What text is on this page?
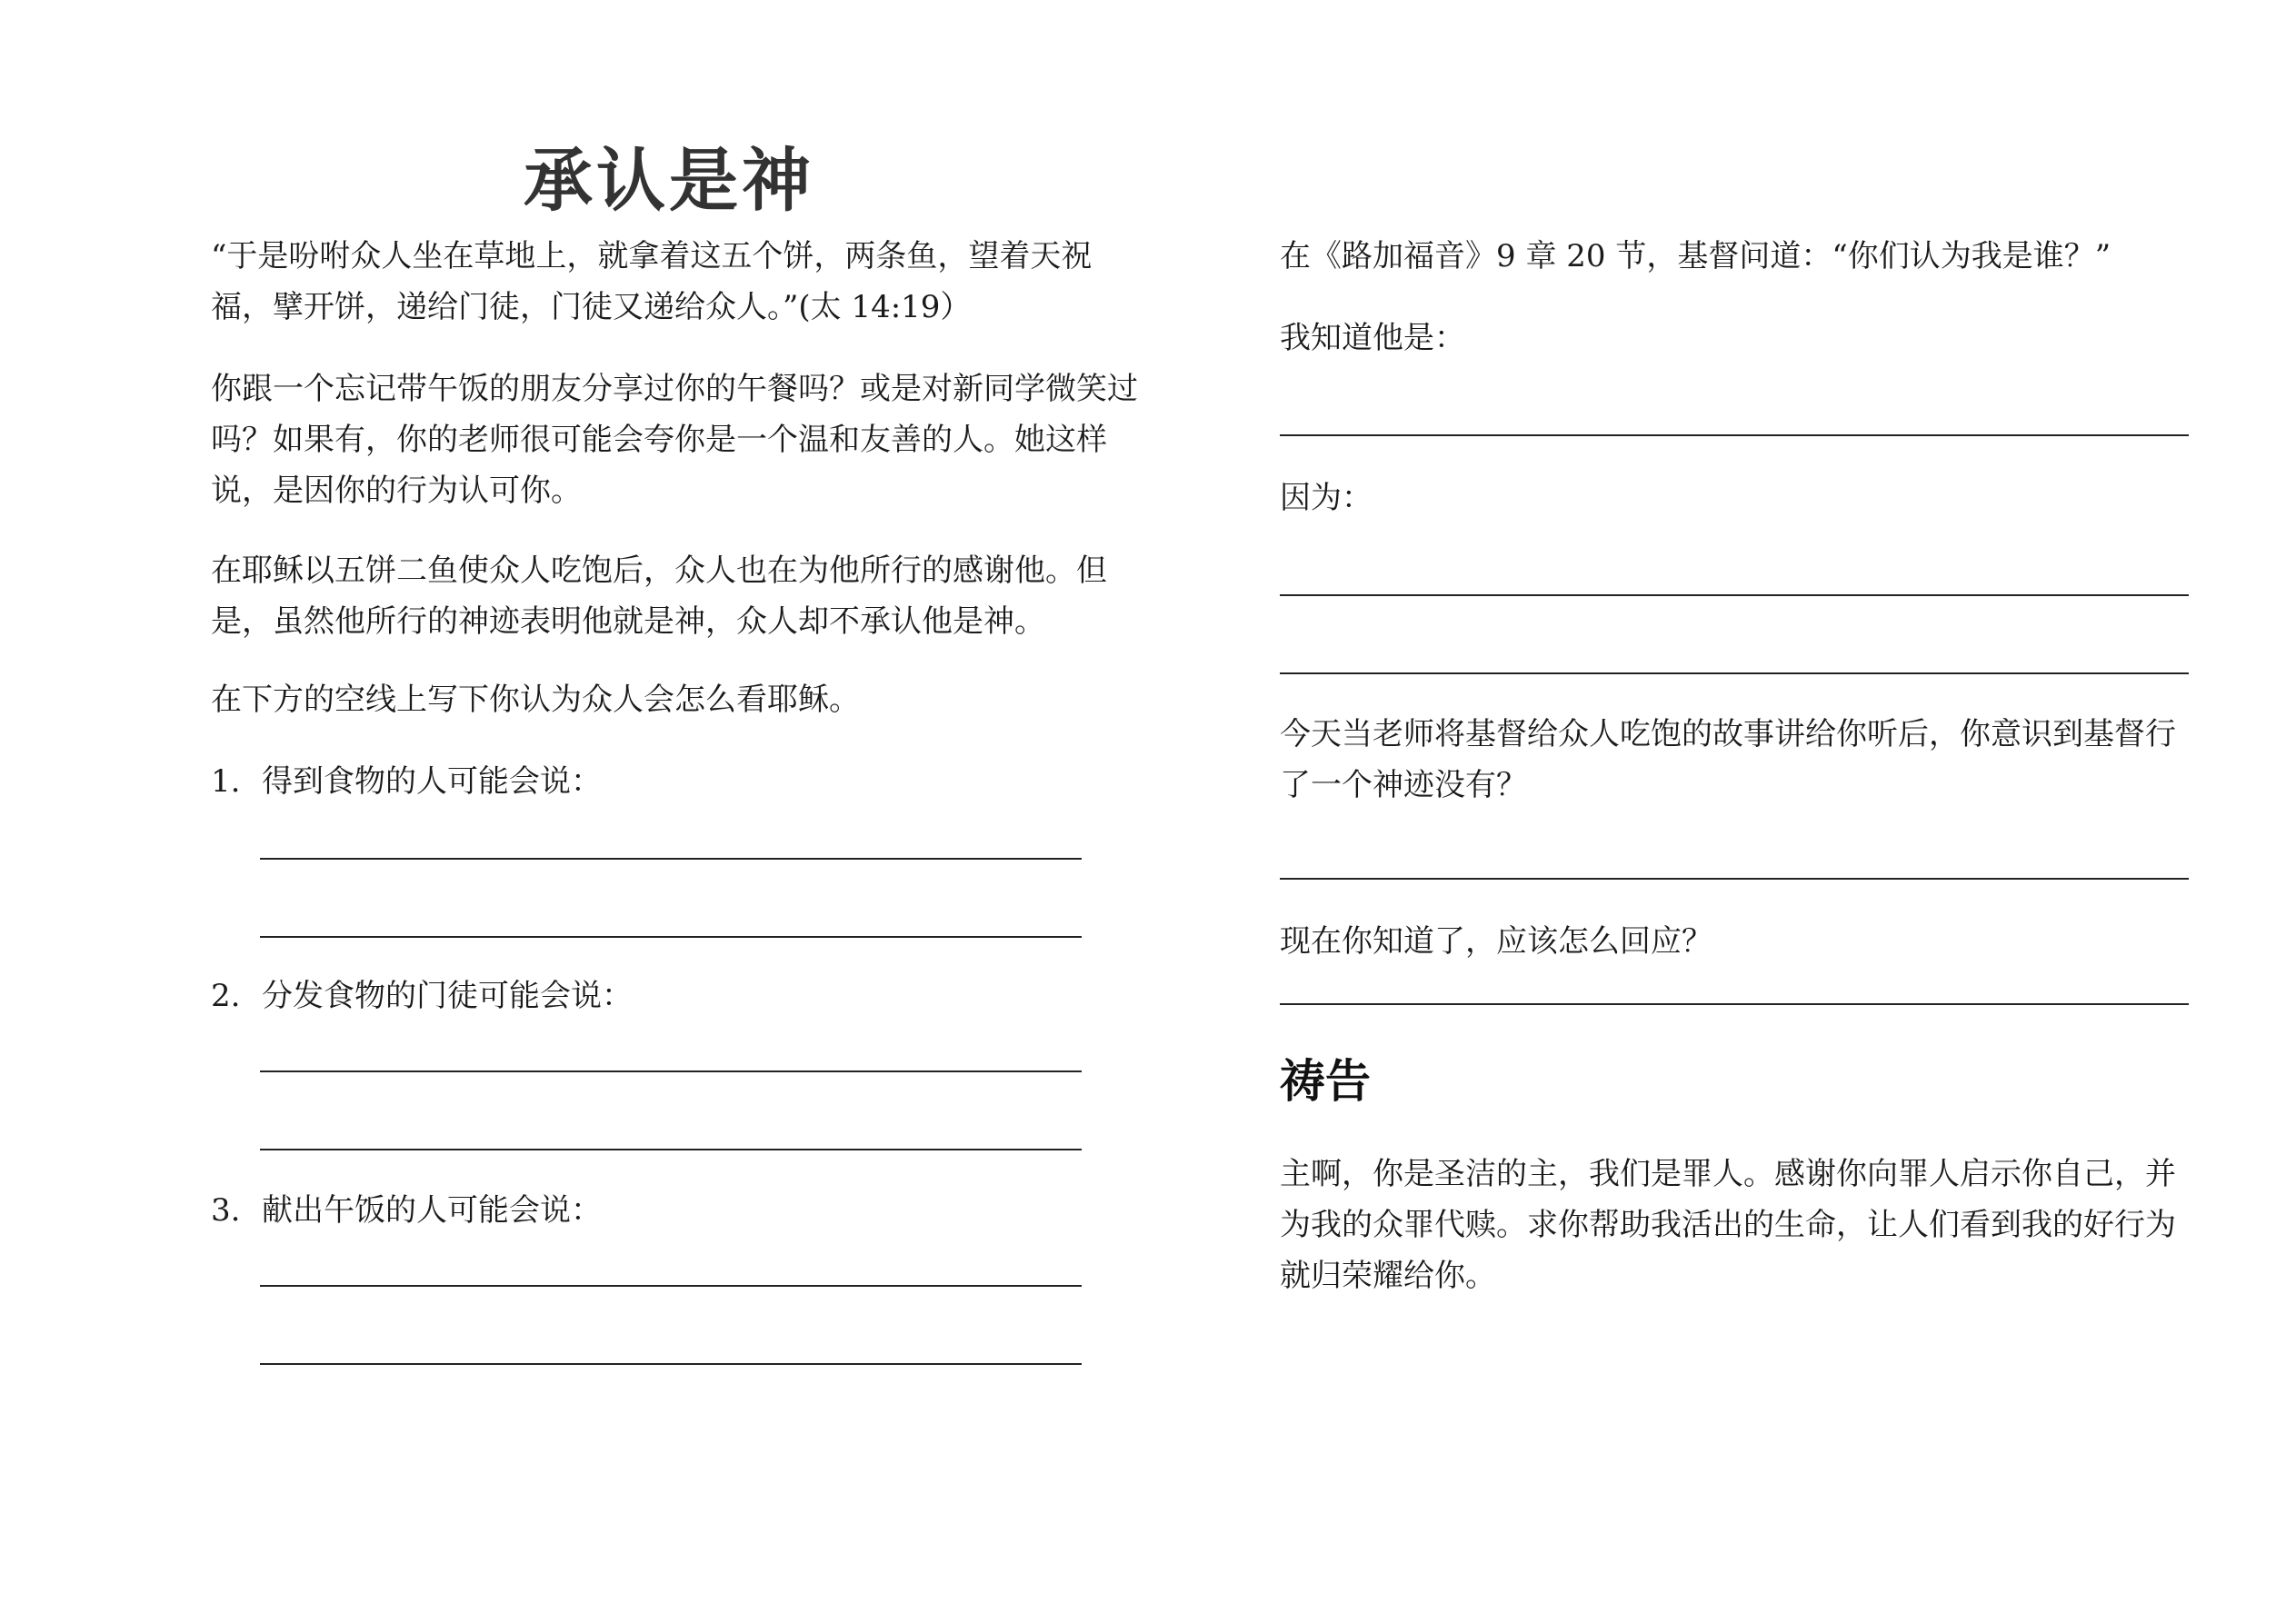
承认是神
“于是吩咐众人坐在草地上，就拿着这五个饼，两条鱼，望着天祝福，擘开饼，递给门徒，门徒又递给众人。”(太 14:19）
你跟一个忘记带午饭的朋友分享过你的午餐吗？或是对新同学微笑过吗？如果有，你的老师很可能会夸你是一个温和友善的人。她这样说，是因你的行为认可你。
在耶稣以五饼二鱼使众人吃饱后，众人也在为他所行的感谢他。但是，虽然他所行的神迹表明他就是神，众人却不承认他是神。
在下方的空线上写下你认为众人会怎么看耶稣。
1. 得到食物的人可能会说：
2. 分发食物的门徒可能会说：
3. 献出午饭的人可能会说：
在《路加福音》9 章 20 节，基督问道：“你们认为我是谁？”
我知道他是：
因为：
今天当老师将基督给众人吃饱的故事讲给你听后，你意识到基督行了一个神迹没有？
现在你知道了，应该怎么回应？
祷告
主啊，你是圣洁的主，我们是罪人。感谢你向罪人启示你自己，并为我的众罪代赎。求你帮助我活出的生命，让人们看到我的好行为就归荣耀给你。
